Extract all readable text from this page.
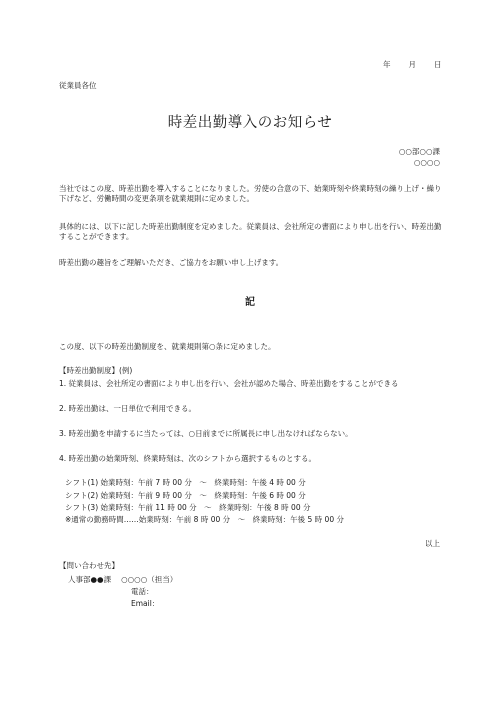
年 月 日
従業員各位
時差出勤導入のお知らせ
○○部○○課
○○○○
当社ではこの度、時差出勤を導入することになりました。労使の合意の下、始業時刻や終業時刻の繰り上げ・繰り下げなど、労働時間の変更条項を就業規則に定めました。
具体的には、以下に記した時差出勤制度を定めました。従業員は、会社所定の書面により申し出を行い、時差出勤することができます。
時差出勤の趣旨をご理解いただき、ご協力をお願い申し上げます。
記
この度、以下の時差出勤制度を、就業規則第○条に定めました。
【時差出勤制度】(例)
1. 従業員は、会社所定の書面により申し出を行い、会社が認めた場合、時差出勤をすることができる
2. 時差出勤は、一日単位で利用できる。
3. 時差出勤を申請するに当たっては、○日前までに所属長に申し出なければならない。
4. 時差出勤の始業時刻、終業時刻は、次のシフトから選択するものとする。
シフト(1) 始業時刻：午前 7 時 00 分　～　終業時刻：午後 4 時 00 分
シフト(2) 始業時刻：午前 9 時 00 分　～　終業時刻：午後 6 時 00 分
シフト(3) 始業時刻：午前 11 時 00 分　～　終業時刻：午後 8 時 00 分
※通常の勤務時間……始業時刻：午前 8 時 00 分　～　終業時刻：午後 5 時 00 分
以上
【問い合わせ先】
人事部●●課 ○○○○（担当）
電話：
Email：
